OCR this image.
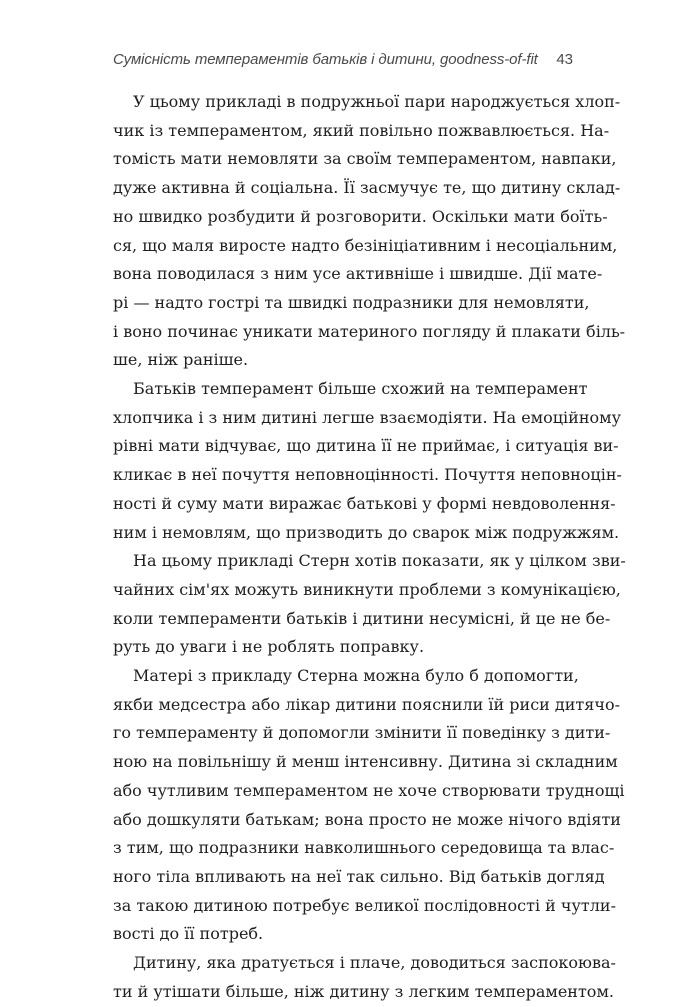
Сумісність темпераментів батьків і дитини, goodness-of-fit 43
У цьому прикладі в подружньої пари народжується хлоп-
чик із темпераментом, який повільно пожвавлюється. На-
томість мати немовляти за своїм темпераментом, навпаки,
дуже активна й соціальна. Її засмучує те, що дитину склад-
но швидко розбудити й розговорити. Оскільки мати боїть-
ся, що маля виросте надто безініціативним і несоціальним,
вона поводилася з ним усе активніше і швидше. Дії мате-
рі — надто гострі та швидкі подразники для немовляти,
і воно починає уникати материного погляду й плакати біль-
ше, ніж раніше.
Батьків темперамент більше схожий на темперамент
хлопчика і з ним дитині легше взаємодіяти. На емоційному
рівні мати відчуває, що дитина її не приймає, і ситуація ви-
кликає в неї почуття неповноцінності. Почуття неповноцін-
ності й суму мати виражає батькові у формі невдоволення-
ним і немовлям, що призводить до сварок між подружжям.
На цьому прикладі Стерн хотів показати, як у цілком зви-
чайних сім'ях можуть виникнути проблеми з комунікацією,
коли темпераменти батьків і дитини несумісні, й це не бе-
руть до уваги і не роблять поправку.
Матері з прикладу Стерна можна було б допомогти,
якби медсестра або лікар дитини пояснили їй риси дитячо-
го темпераменту й допомогли змінити її поведінку з дити-
ною на повільнішу й менш інтенсивну. Дитина зі складним
або чутливим темпераментом не хоче створювати труднощі
або дошкуляти батькам; вона просто не може нічого вдіяти
з тим, що подразники навколишнього середовища та влас-
ного тіла впливають на неї так сильно. Від батьків догляд
за такою дитиною потребує великої послідовності й чутли-
вості до її потреб.
Дитину, яка дратується і плаче, доводиться заспокоюва-
ти й утішати більше, ніж дитину з легким темпераментом.
